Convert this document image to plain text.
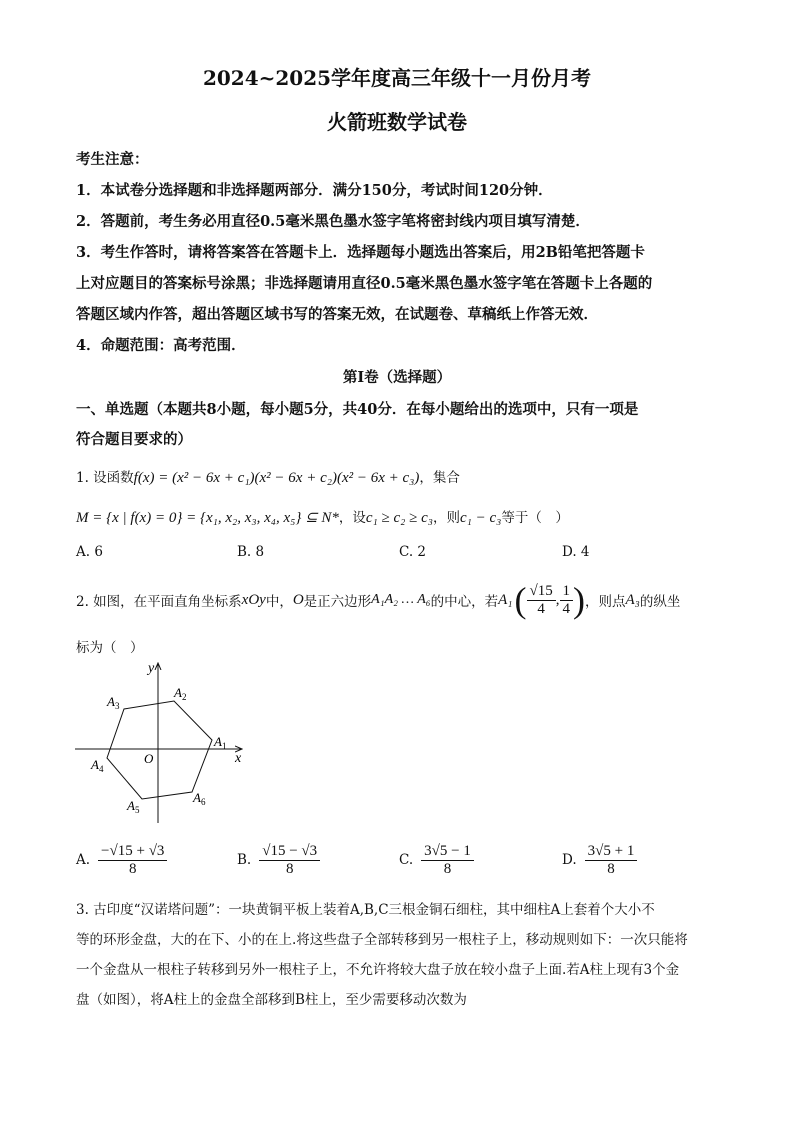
2024~2025学年度高三年级十一月份月考
火箭班数学试卷
考生注意：
1．本试卷分选择题和非选择题两部分．满分150分，考试时间120分钟．
2．答题前，考生务必用直径0.5毫米黑色墨水签字笔将密封线内项目填写清楚．
3．考生作答时，请将答案答在答题卡上．选择题每小题选出答案后，用2B铅笔把答题卡
上对应题目的答案标号涂黑；非选择题请用直径0.5毫米黑色墨水签字笔在答题卡上各题的
答题区域内作答，超出答题区域书写的答案无效，在试题卷、草稿纸上作答无效．
4．命题范围：高考范围．
第Ⅰ卷（选择题）
一、单选题（本题共8小题，每小题5分，共40分．在每小题给出的选项中，只有一项是
符合题目要求的）
1. 设函数f(x) = (x² − 6x + c₁)(x² − 6x + c₂)(x² − 6x + c₃)，集合
M = {x | f(x) = 0} = {x₁, x₂, x₃, x₄, x₅} ⊆ N*，设c₁ ≥ c₂ ≥ c₃，则c₁ − c₃等于（　）
A. 6	B. 8	C. 2	D. 4
2. 如图，在平面直角坐标系 xOy 中， O 是正六边形 A₁A₂ … A₆ 的中心，若 A₁ ( $\frac{√15}{4}$ , $\frac{1}{4}$ ) ，则点 A₃ 的纵坐
标为（　）
y
x
O
$A_1$
$A_2$
$A_3$
$A_4$
$A_5$
$A_6$
A. $\frac{-√15 + √3}{8}$	B. $\frac{√15 - √3}{8}$	C. $\frac{3√5 - 1}{8}$	D. $\frac{3√5 + 1}{8}$
3. 古印度“汉诺塔问题”：一块黄铜平板上装着A,B,C三根金铜石细柱，其中细柱A上套着个大小不
等的环形金盘，大的在下、小的在上.将这些盘子全部转移到另一根柱子上，移动规则如下：一次只能将
一个金盘从一根柱子转移到另外一根柱子上，不允许将较大盘子放在较小盘子上面.若A柱上现有3个金
盘（如图），将A柱上的金盘全部移到B柱上，至少需要移动次数为
